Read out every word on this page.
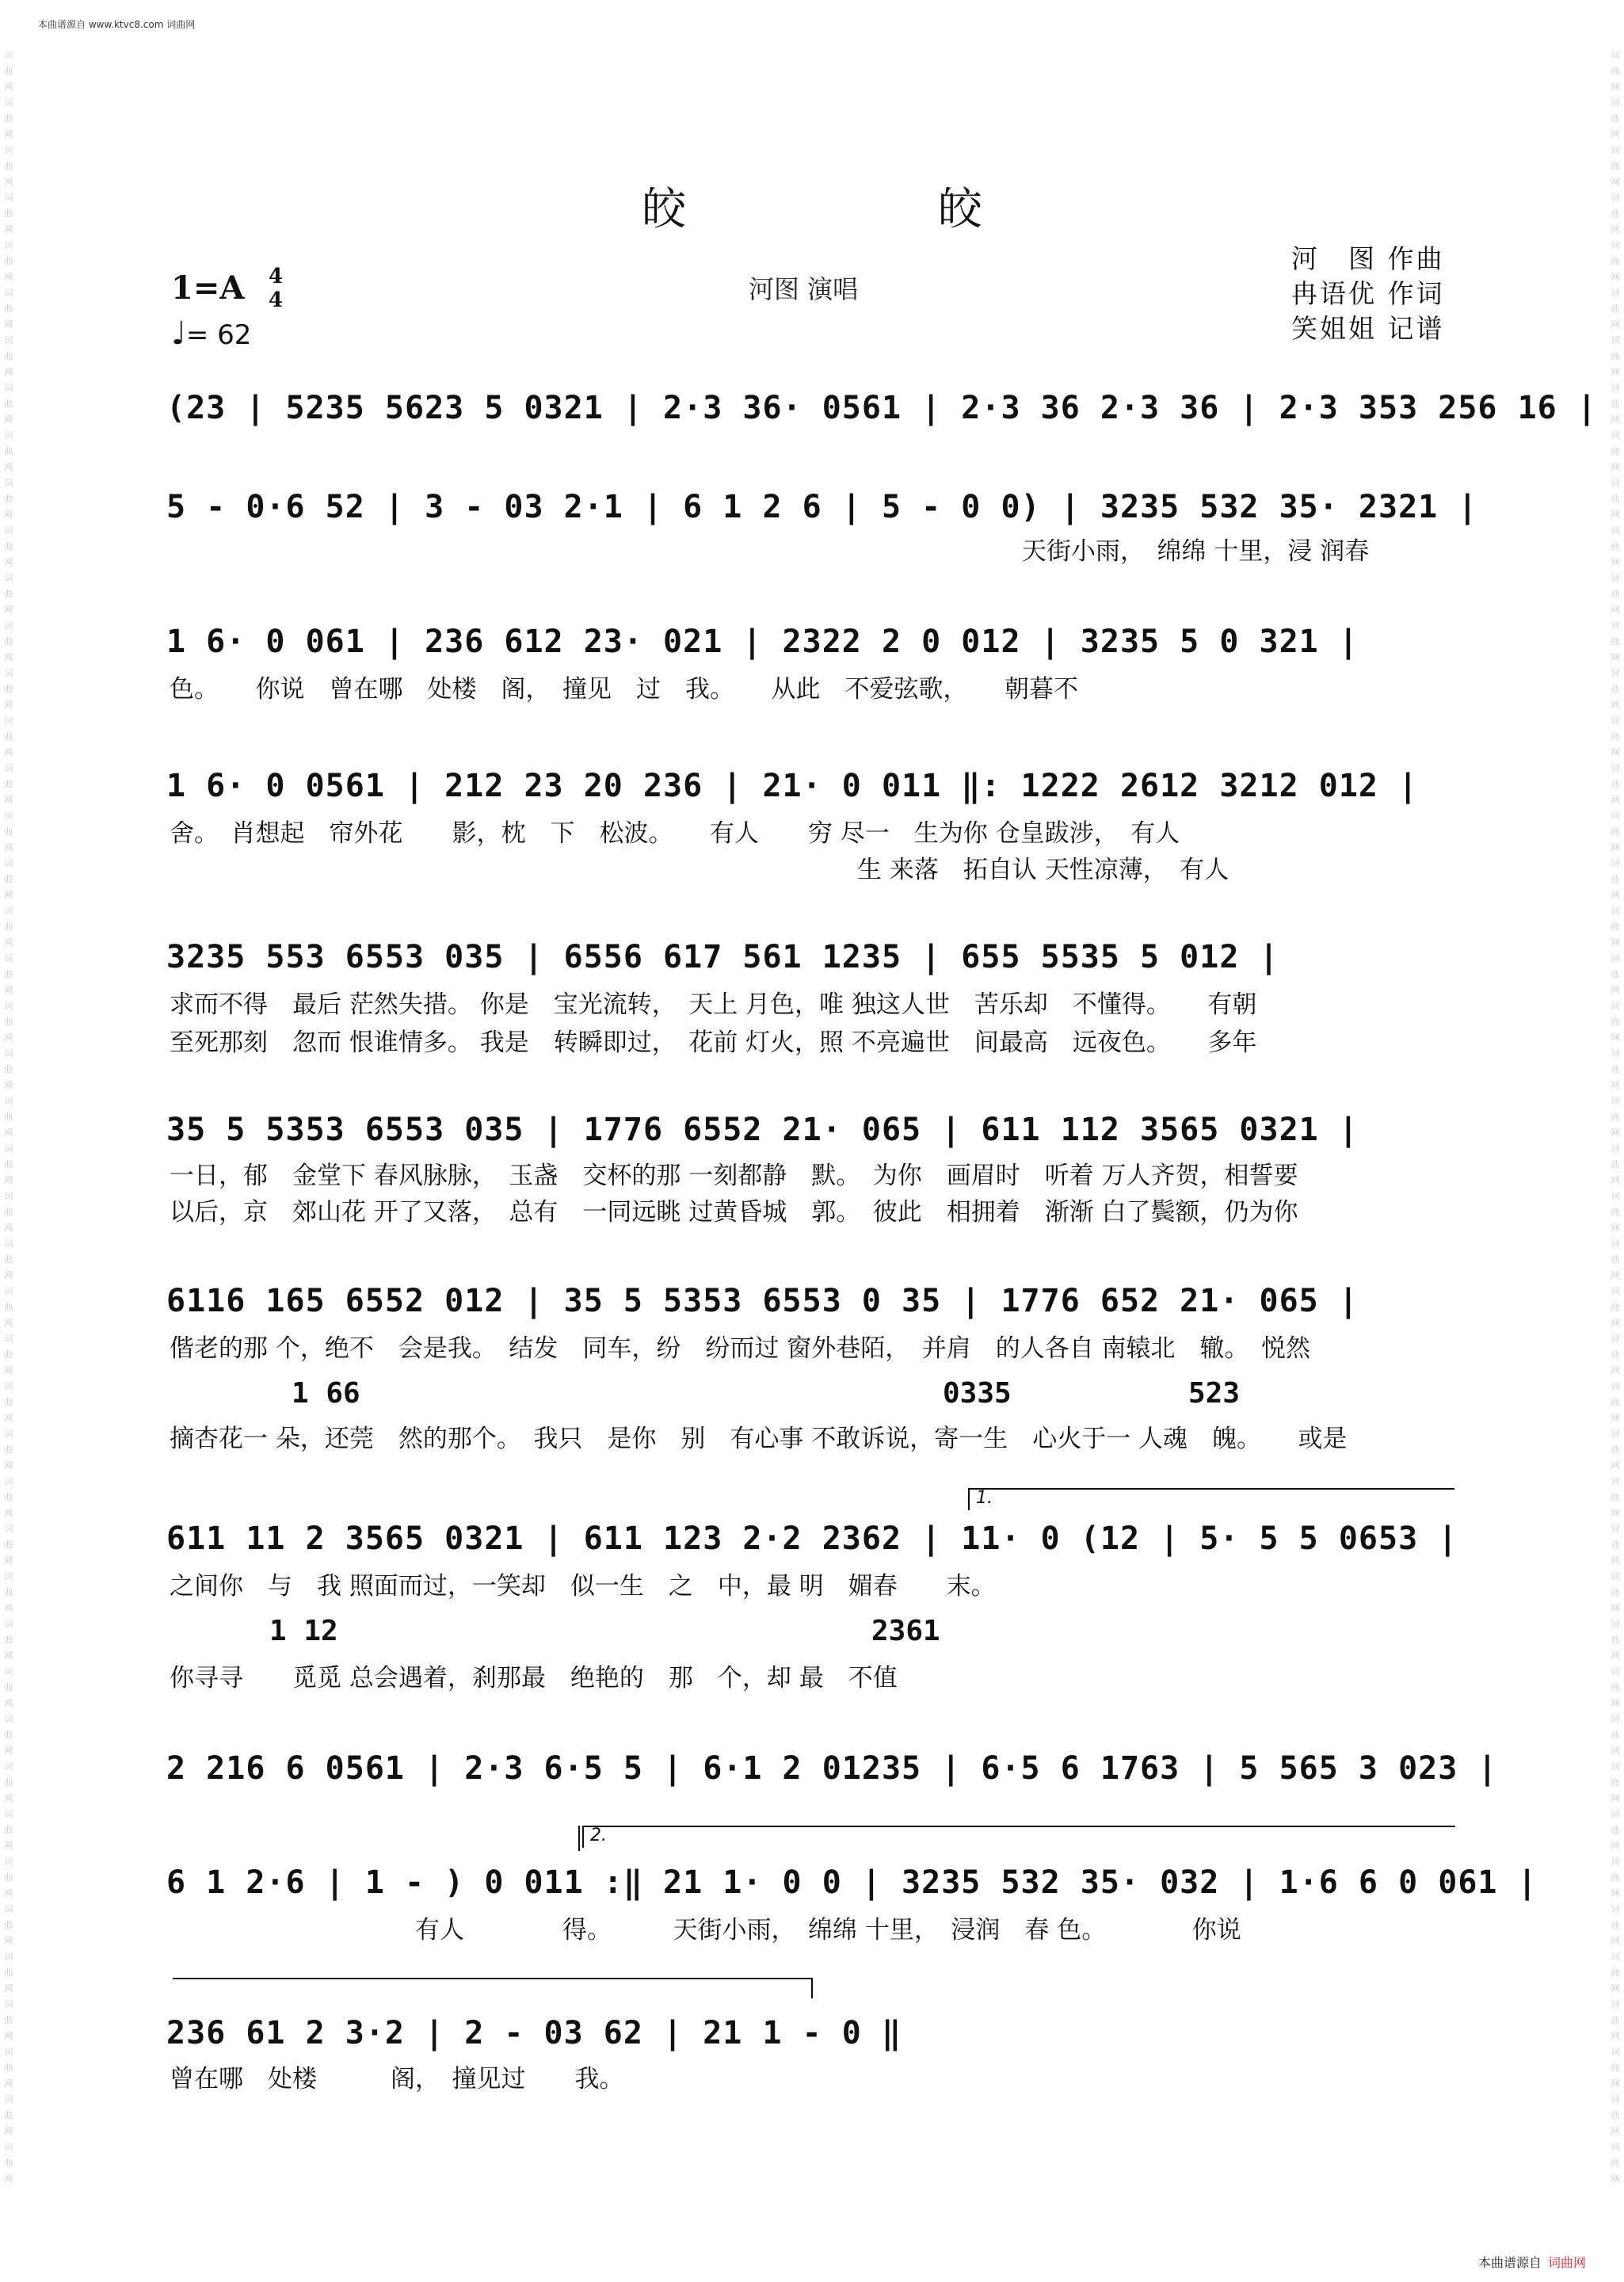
词曲网词曲网词曲网词曲网词曲网词曲网词曲网词曲网词曲网词曲网词曲网词曲网词曲网词曲网词曲网词曲网词曲网词曲网词曲网词曲网词曲网词曲网词曲网词曲网词曲网词曲网词曲网词曲网词曲网词曲网词曲网词曲网词曲网词曲网词曲网词曲网词曲网词曲网词曲网词曲网词曲网词曲网词曲网词曲网词曲网
词曲网词曲网词曲网词曲网词曲网词曲网词曲网词曲网词曲网词曲网词曲网词曲网词曲网词曲网词曲网词曲网词曲网词曲网词曲网词曲网词曲网词曲网词曲网词曲网词曲网词曲网词曲网词曲网词曲网词曲网词曲网词曲网词曲网词曲网词曲网词曲网词曲网词曲网词曲网词曲网词曲网词曲网词曲网词曲网词曲网
本曲谱源自 www.ktvc8.com 词曲网
皎 皎
1=A 4
4
♩= 62
河图 演唱
河　图 作曲
冉语优 作词
笑姐姐 记谱
(23 | 5235 5623 5 0321 | 2·3 36· 0561 | 2·3 36 2·3 36 | 2·3 353 256 16 |
5 - 0·6 52 | 3 - 03 2·1 | 6 1 2 6 | 5 - 0 0) | 3235 532 35· 2321 |
天街小雨，　绵绵 十里，浸 润春
1 6· 0 061 | 236 612 23· 021 | 2322 2 0 012 | 3235 5 0 321 |
色。　　你说　曾在哪　处楼　阁，　撞见　过　我。　　从此　不爱弦歌，　　朝暮不
1 6· 0 0561 | 212 23 20 236 | 21· 0 011 ‖: 1222 2612 3212 012 |
舍。　肖想起　帘外花　　影，枕　下　松波。　　有人　　穷 尽一　生为你 仓皇跋涉，　有人
　　　　　　　　　　　　　　　　　　　　　　　　　　　　生 来落　拓自认 天性凉薄，　有人
3235 553 6553 035 | 6556 617 561 1235 | 655 5535 5 012 |
求而不得　最后 茫然失措。 你是　宝光流转，　天上 月色，唯 独这人世　苦乐却　不懂得。　　有朝
至死那刻　忽而 恨谁情多。 我是　转瞬即过，　花前 灯火，照 不亮遍世　间最高　远夜色。　　多年
35 5 5353 6553 035 | 1776 6552 21· 065 | 611 112 3565 0321 |
一日，郁　金堂下 春风脉脉，　玉盏　交杯的那 一刻都静　默。　为你　画眉时　听着 万人齐贺，相誓要
以后，京　郊山花 开了又落，　总有　一同远眺 过黄昏城　郭。　彼此　相拥着　渐渐 白了鬓额，仍为你
6116 165 6552 012 | 35 5 5353 6553 0 35 | 1776 652 21· 065 |
偕老的那 个，绝不　会是我。　结发　同车，纷　纷而过 窗外巷陌，　并肩　的人各自 南辕北　辙。　悦然
1 66	0335	523
摘杏花一 朵，还莞　然的那个。　我只　是你　别　有心事 不敢诉说，寄一生　心火于一 人魂　魄。　　或是
1.
611 11 2 3565 0321 | 611 123 2·2 2362 | 11· 0 (12 | 5· 5 5 0653 |
之间你　与　我 照面而过，一笑却　似一生　之　中，最 明　媚春　　末。
1 12	2361
你寻寻　　觅觅 总会遇着，刹那最　绝艳的　那　个，却 最　不值
2 216 6 0561 | 2·3 6·5 5 | 6·1 2 01235 | 6·5 6 1763 | 5 565 3 023 |
2.
6 1 2·6 | 1 - ) 0 011 :‖ 21 1· 0 0 | 3235 532 35· 032 | 1·6 6 0 061 |
　　　　　　　　　　有人　　　　得。　　　天街小雨，　绵绵 十里，　浸润　春 色。　　　　你说
236 61 2 3·2 | 2 - 03 62 | 21 1 - 0 ‖
曾在哪　处楼　　　阁，　撞见过　　我。
本曲谱源自 词曲网
